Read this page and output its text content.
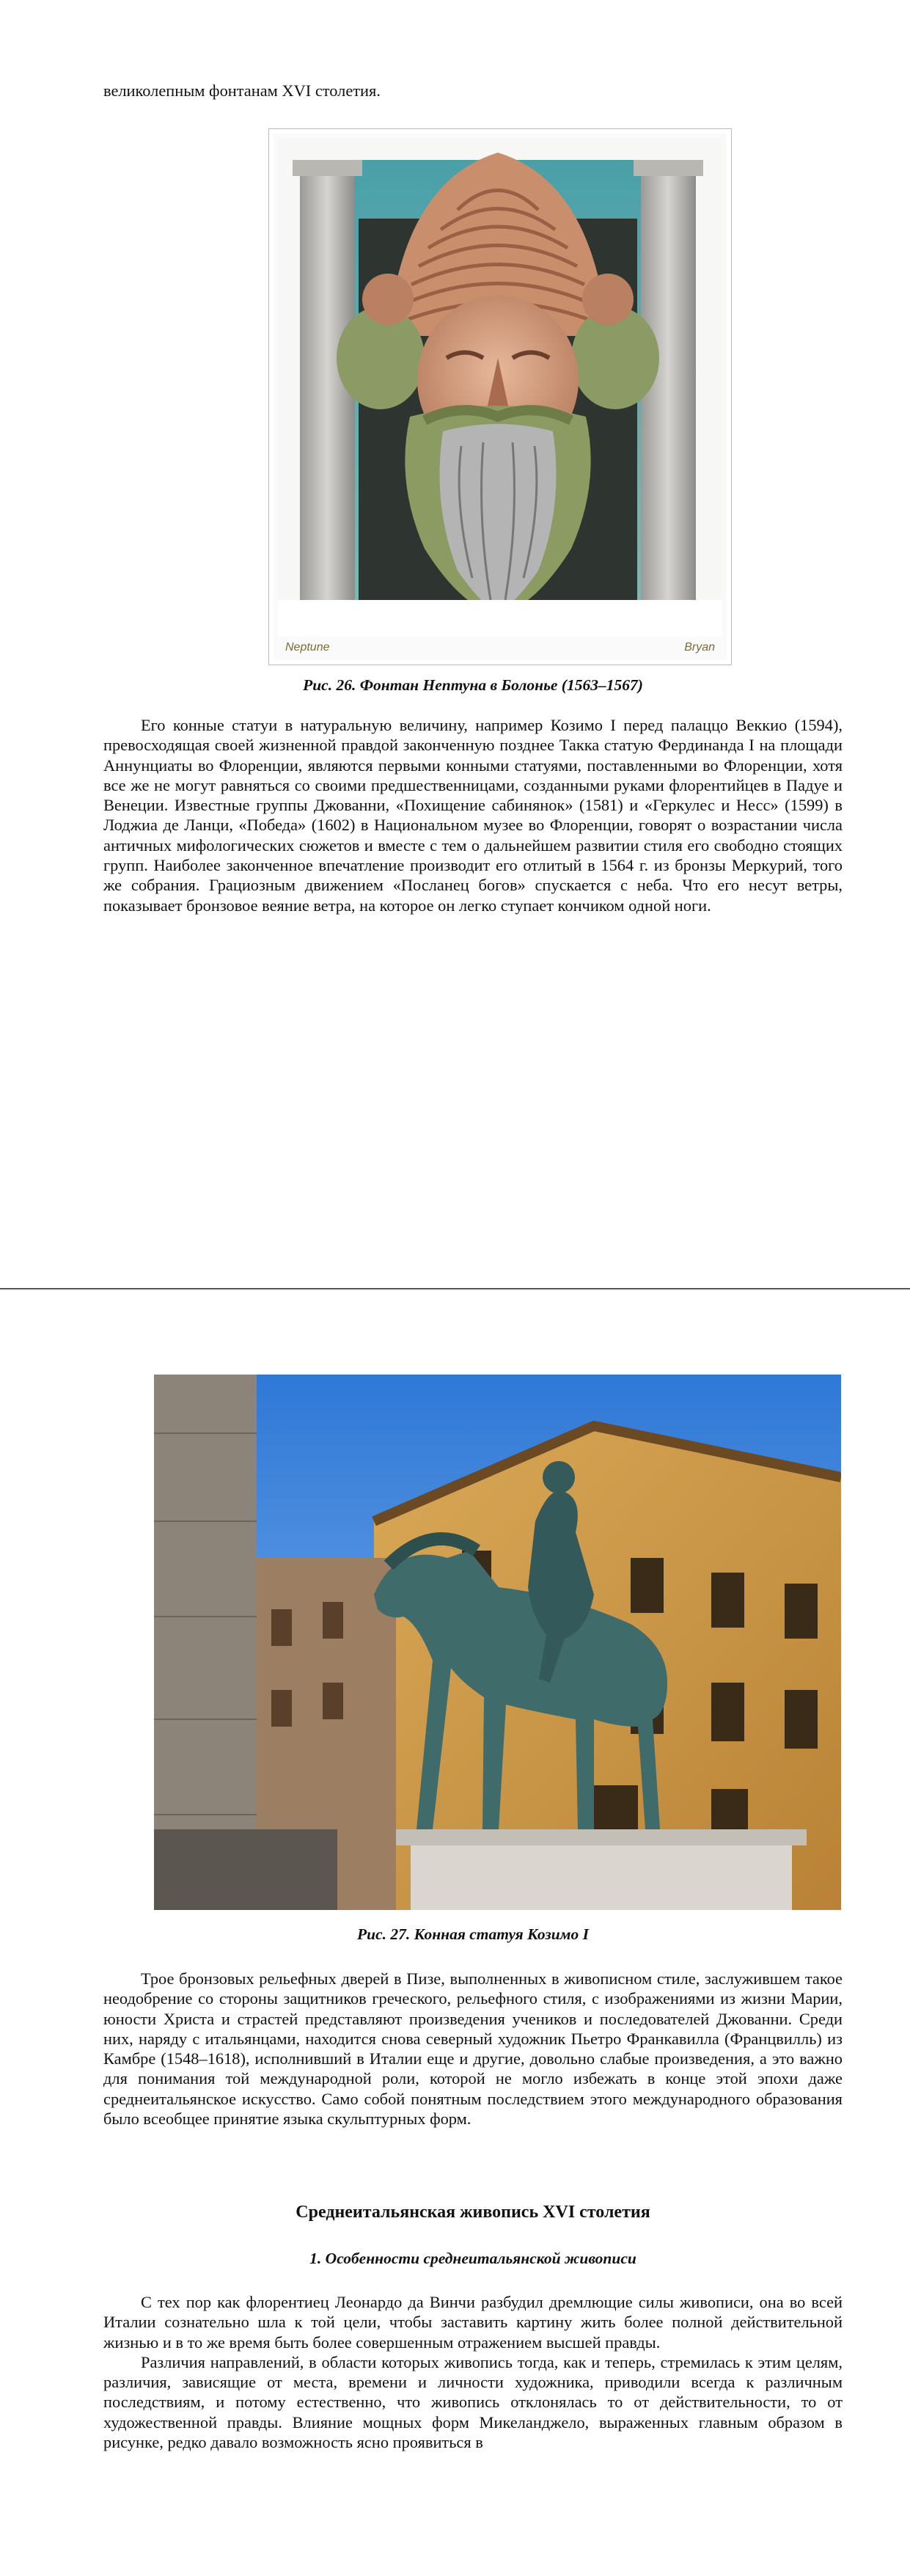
великолепным фонтанам XVI столетия.
Neptune	Bryan
Рис. 26. Фонтан Нептуна в Болонье (1563–1567)

Его конные статуи в натуральную величину, например Козимо I перед палаццо Веккио (1594), превосходящая своей жизненной правдой законченную позднее Такка статую Фердинанда I на площади Аннунциаты во Флоренции, являются первыми конными статуями, поставленными во Флоренции, хотя все же не могут равняться со своими предшественницами, созданными руками флорентийцев в Падуе и Венеции. Известные группы Джованни, «Похищение сабинянок» (1581) и «Геркулес и Несс» (1599) в Лоджиа де Ланци, «Победа» (1602) в Национальном музее во Флоренции, говорят о возрастании числа античных мифологических сюжетов и вместе с тем о дальнейшем развитии стиля его свободно стоящих групп. Наиболее законченное впечатление производит его отлитый в 1564 г. из бронзы Меркурий, того же собрания. Грациозным движением «Посланец богов» спускается с неба. Что его несут ветры, показывает бронзовое веяние ветра, на которое он легко ступает кончиком одной ноги.

Рис. 27. Конная статуя Козимо I

Трое бронзовых рельефных дверей в Пизе, выполненных в живописном стиле, заслужившем такое неодобрение со стороны защитников греческого, рельефного стиля, с изображениями из жизни Марии, юности Христа и страстей представляют произведения учеников и последователей Джованни. Среди них, наряду с итальянцами, находится снова северный художник Пьетро Франкавилла (Францвилль) из Камбре (1548–1618), исполнивший в Италии еще и другие, довольно слабые произведения, а это важно для понимания той международной роли, которой не могло избежать в конце этой эпохи даже среднеитальянское искусство. Само собой понятным последствием этого международного образования было всеобщее принятие языка скульптурных форм.

Среднеитальянская живопись XVI столетия
1. Особенности среднеитальянской живописи

С тех пор как флорентиец Леонардо да Винчи разбудил дремлющие силы живописи, она во всей Италии сознательно шла к той цели, чтобы заставить картину жить более полной действительной жизнью и в то же время быть более совершенным отражением высшей правды.

Различия направлений, в области которых живопись тогда, как и теперь, стремилась к этим целям, различия, зависящие от места, времени и личности художника, приводили всегда к различным последствиям, и потому естественно, что живопись отклонялась то от действительности, то от художественной правды. Влияние мощных форм Микеланджело, выраженных главным образом в рисунке, редко давало возможность ясно проявиться в
